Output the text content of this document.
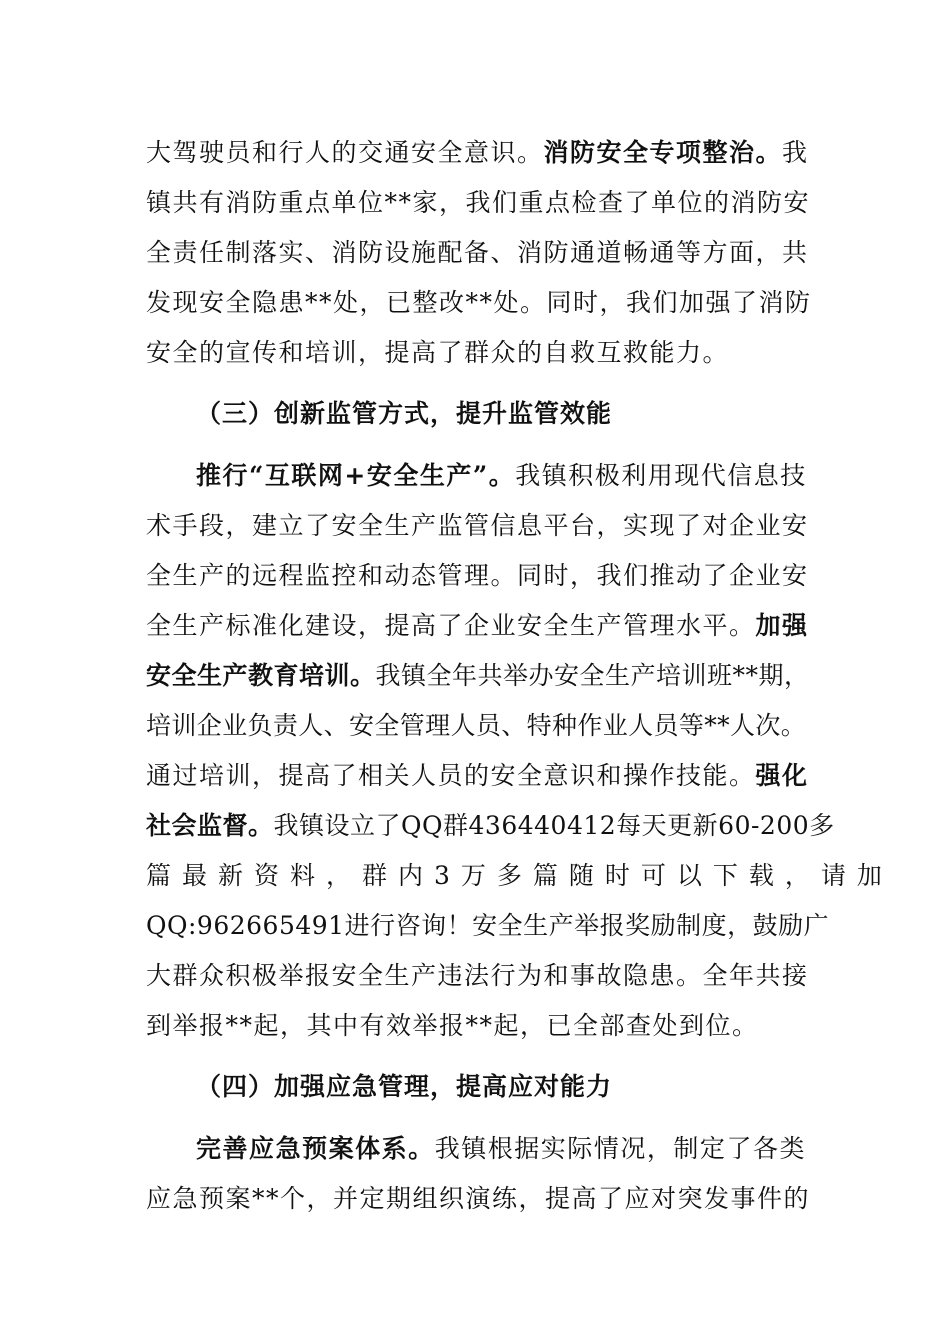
大驾驶员和行人的交通安全意识。消防安全专项整治。我
镇共有消防重点单位**家，我们重点检查了单位的消防安
全责任制落实、消防设施配备、消防通道畅通等方面，共
发现安全隐患**处，已整改**处。同时，我们加强了消防
安全的宣传和培训，提高了群众的自救互救能力。
（三）创新监管方式，提升监管效能
推行“互联网+安全生产”。我镇积极利用现代信息技
术手段，建立了安全生产监管信息平台，实现了对企业安
全生产的远程监控和动态管理。同时，我们推动了企业安
全生产标准化建设，提高了企业安全生产管理水平。加强
安全生产教育培训。我镇全年共举办安全生产培训班**期，
培训企业负责人、安全管理人员、特种作业人员等**人次。
通过培训，提高了相关人员的安全意识和操作技能。强化
社会监督。我镇设立了QQ群436440412每天更新60-200多
篇最新资料，群内3万多篇随时可以下载，请加
QQ:962665491进行咨询！安全生产举报奖励制度，鼓励广
大群众积极举报安全生产违法行为和事故隐患。全年共接
到举报**起，其中有效举报**起，已全部查处到位。
（四）加强应急管理，提高应对能力
完善应急预案体系。我镇根据实际情况，制定了各类
应急预案**个，并定期组织演练，提高了应对突发事件的
